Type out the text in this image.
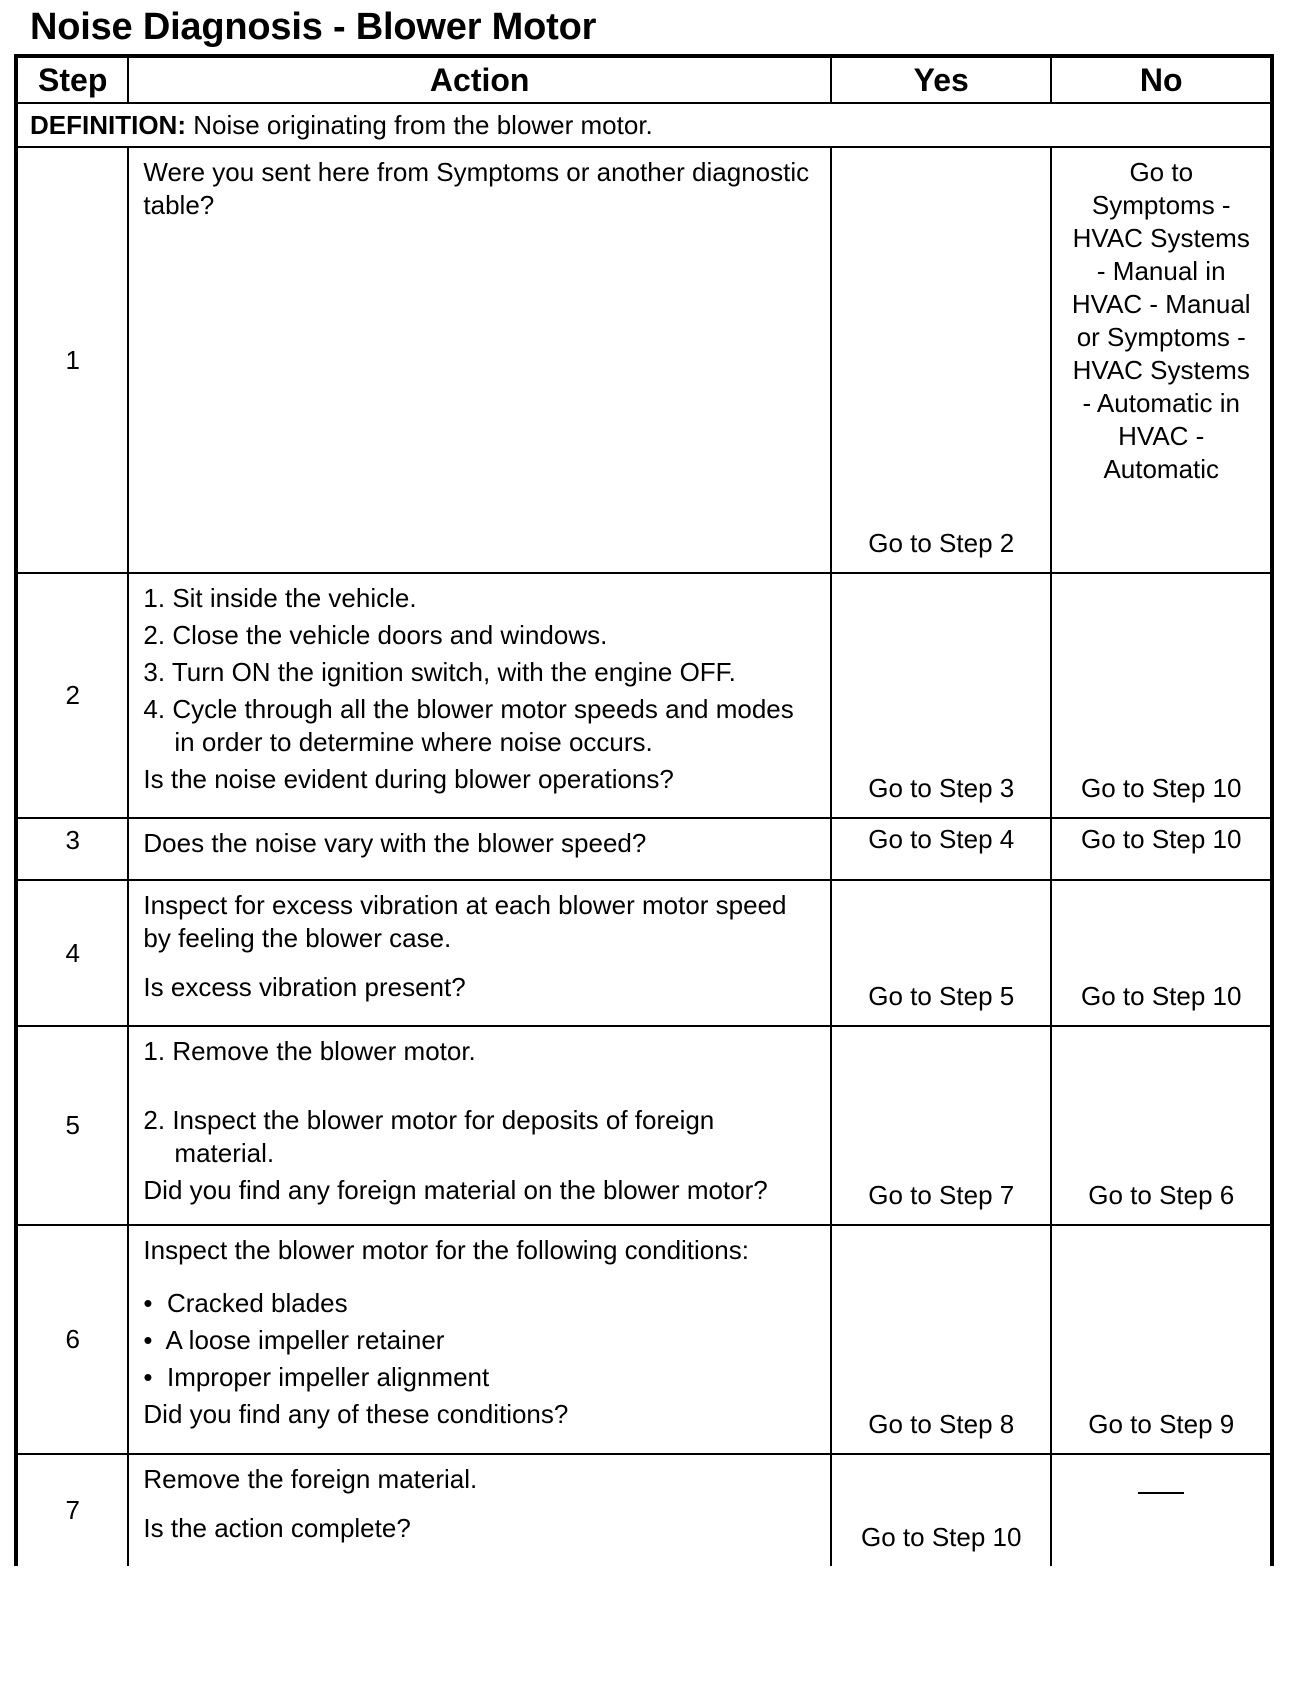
Noise Diagnosis - Blower Motor
Step	Action	Yes	No
DEFINITION: Noise originating from the blower motor.			
1	Were you sent here from Symptoms or another diagnostic table?	Go to Step 2	Go to Symptoms - HVAC Systems - Manual in HVAC - Manual or Symptoms - HVAC Systems - Automatic in HVAC - Automatic
2	1. Sit inside the vehicle.
2. Close the vehicle doors and windows.
3. Turn ON the ignition switch, with the engine OFF.
4. Cycle through all the blower motor speeds and modes in order to determine where noise occurs.
Is the noise evident during blower operations?	Go to Step 3	Go to Step 10
3	Does the noise vary with the blower speed?	Go to Step 4	Go to Step 10
4	Inspect for excess vibration at each blower motor speed by feeling the blower case.
Is excess vibration present?	Go to Step 5	Go to Step 10
5	1. Remove the blower motor.
2. Inspect the blower motor for deposits of foreign material.
Did you find any foreign material on the blower motor?	Go to Step 7	Go to Step 6
6	Inspect the blower motor for the following conditions:
•  Cracked blades
•  A loose impeller retainer
•  Improper impeller alignment
Did you find any of these conditions?	Go to Step 8	Go to Step 9
7	Remove the foreign material.
Is the action complete?	Go to Step 10	
